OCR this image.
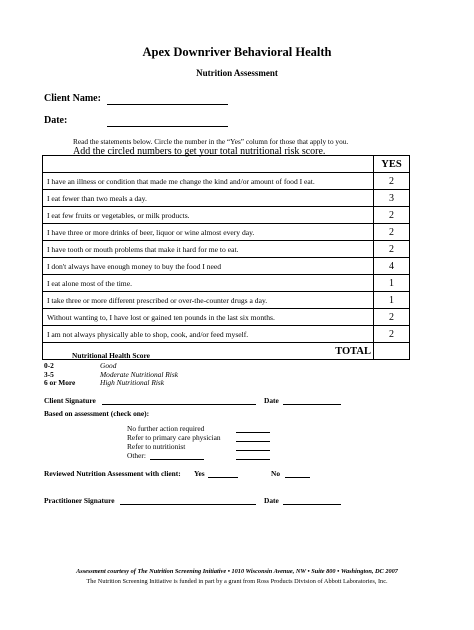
Apex Downriver Behavioral Health
Nutrition Assessment
Client Name:
Date:
Read the statements below. Circle the number in the “Yes” column for those that apply to you.
Add the circled numbers to get your total nutritional risk score.
	YES
I have an illness or condition that made me change the kind and/or amount of food I eat.	2
I eat fewer than two meals a day.	3
I eat few fruits or vegetables, or milk products.	2
I have three or more drinks of beer, liquor or wine almost every day.	2
I have tooth or mouth problems that make it hard for me to eat.	2
I don't always have enough money to buy the food I need	4
I eat alone most of the time.	1
I take three or more different prescribed or over-the-counter drugs a day.	1
Without wanting to, I have lost or gained ten pounds in the last six months.	2
I am not always physically able to shop, cook, and/or feed myself.	2
TOTAL	
Nutritional Health Score
0-2	Good
3-5	Moderate Nutritional Risk
6 or More	High Nutritional Risk
Client Signature	Date
Based on assessment (check one):
No further action required
Refer to primary care physician
Refer to nutritionist
Other:
Reviewed Nutrition Assessment with client: Yes	No
Practitioner Signature	Date
Assessment courtesy of The Nutrition Screening Initiative • 1010 Wisconsin Avenue, NW • Suite 800 • Washington, DC 2007
The Nutrition Screening Initiative is funded in part by a grant from Ross Products Division of Abbott Laboratories, Inc.
